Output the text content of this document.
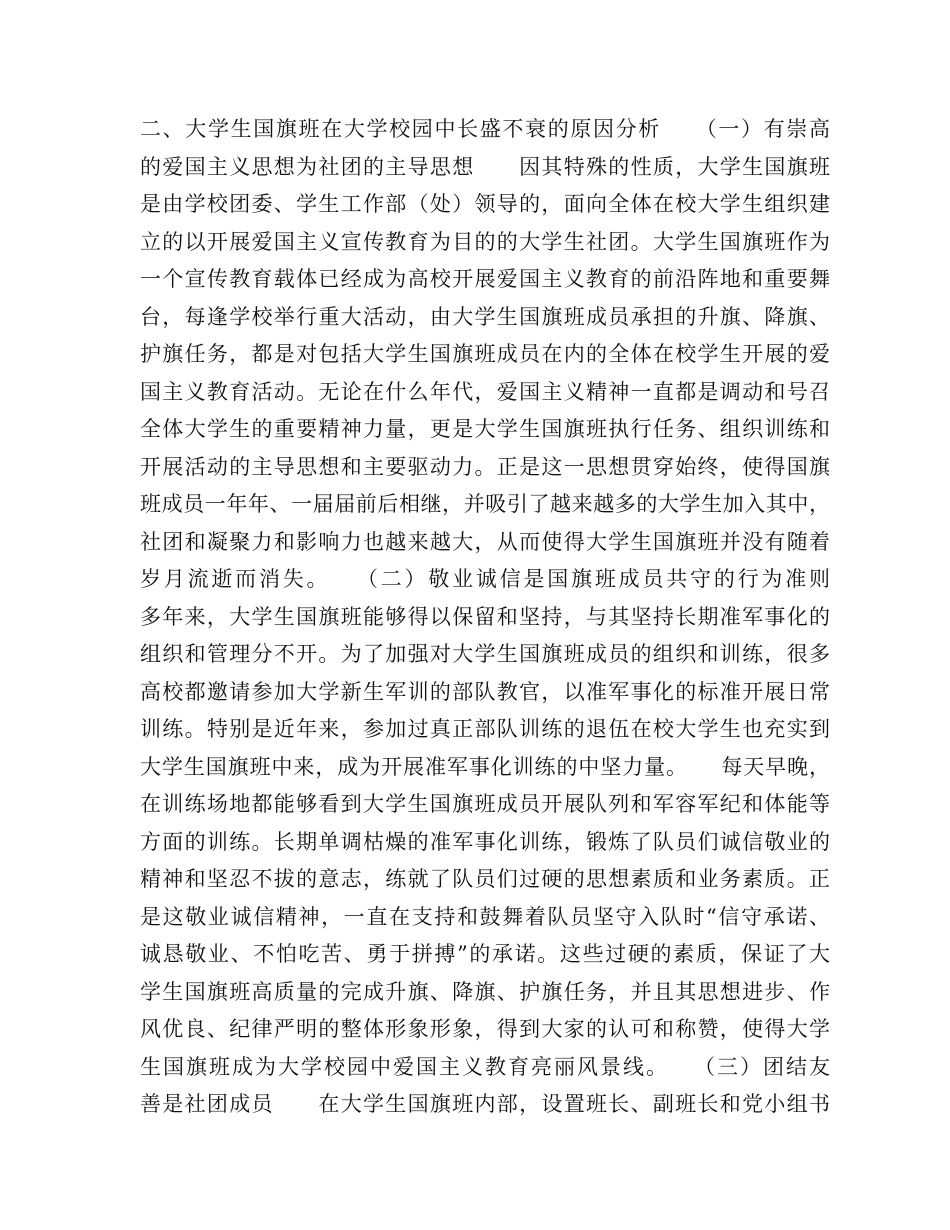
二、大学生国旗班在大学校园中长盛不衰的原因分析　　（一）有崇高
的爱国主义思想为社团的主导思想　　因其特殊的性质，大学生国旗班
是由学校团委、学生工作部（处）领导的，面向全体在校大学生组织建
立的以开展爱国主义宣传教育为目的的大学生社团。大学生国旗班作为
一个宣传教育载体已经成为高校开展爱国主义教育的前沿阵地和重要舞
台，每逢学校举行重大活动，由大学生国旗班成员承担的升旗、降旗、
护旗任务，都是对包括大学生国旗班成员在内的全体在校学生开展的爱
国主义教育活动。无论在什么年代，爱国主义精神一直都是调动和号召
全体大学生的重要精神力量，更是大学生国旗班执行任务、组织训练和
开展活动的主导思想和主要驱动力。正是这一思想贯穿始终，使得国旗
班成员一年年、一届届前后相继，并吸引了越来越多的大学生加入其中，
社团和凝聚力和影响力也越来越大，从而使得大学生国旗班并没有随着
岁月流逝而消失。　　（二）敬业诚信是国旗班成员共守的行为准则
多年来，大学生国旗班能够得以保留和坚持，与其坚持长期准军事化的
组织和管理分不开。为了加强对大学生国旗班成员的组织和训练，很多
高校都邀请参加大学新生军训的部队教官，以准军事化的标准开展日常
训练。特别是近年来，参加过真正部队训练的退伍在校大学生也充实到
大学生国旗班中来，成为开展准军事化训练的中坚力量。　　每天早晚，
在训练场地都能够看到大学生国旗班成员开展队列和军容军纪和体能等
方面的训练。长期单调枯燥的准军事化训练，锻炼了队员们诚信敬业的
精神和坚忍不拔的意志，练就了队员们过硬的思想素质和业务素质。正
是这敬业诚信精神，一直在支持和鼓舞着队员坚守入队时“信守承诺、
诚恳敬业、不怕吃苦、勇于拼搏”的承诺。这些过硬的素质，保证了大
学生国旗班高质量的完成升旗、降旗、护旗任务，并且其思想进步、作
风优良、纪律严明的整体形象形象，得到大家的认可和称赞，使得大学
生国旗班成为大学校园中爱国主义教育亮丽风景线。　　（三）团结友
善是社团成员　　在大学生国旗班内部，设置班长、副班长和党小组书
